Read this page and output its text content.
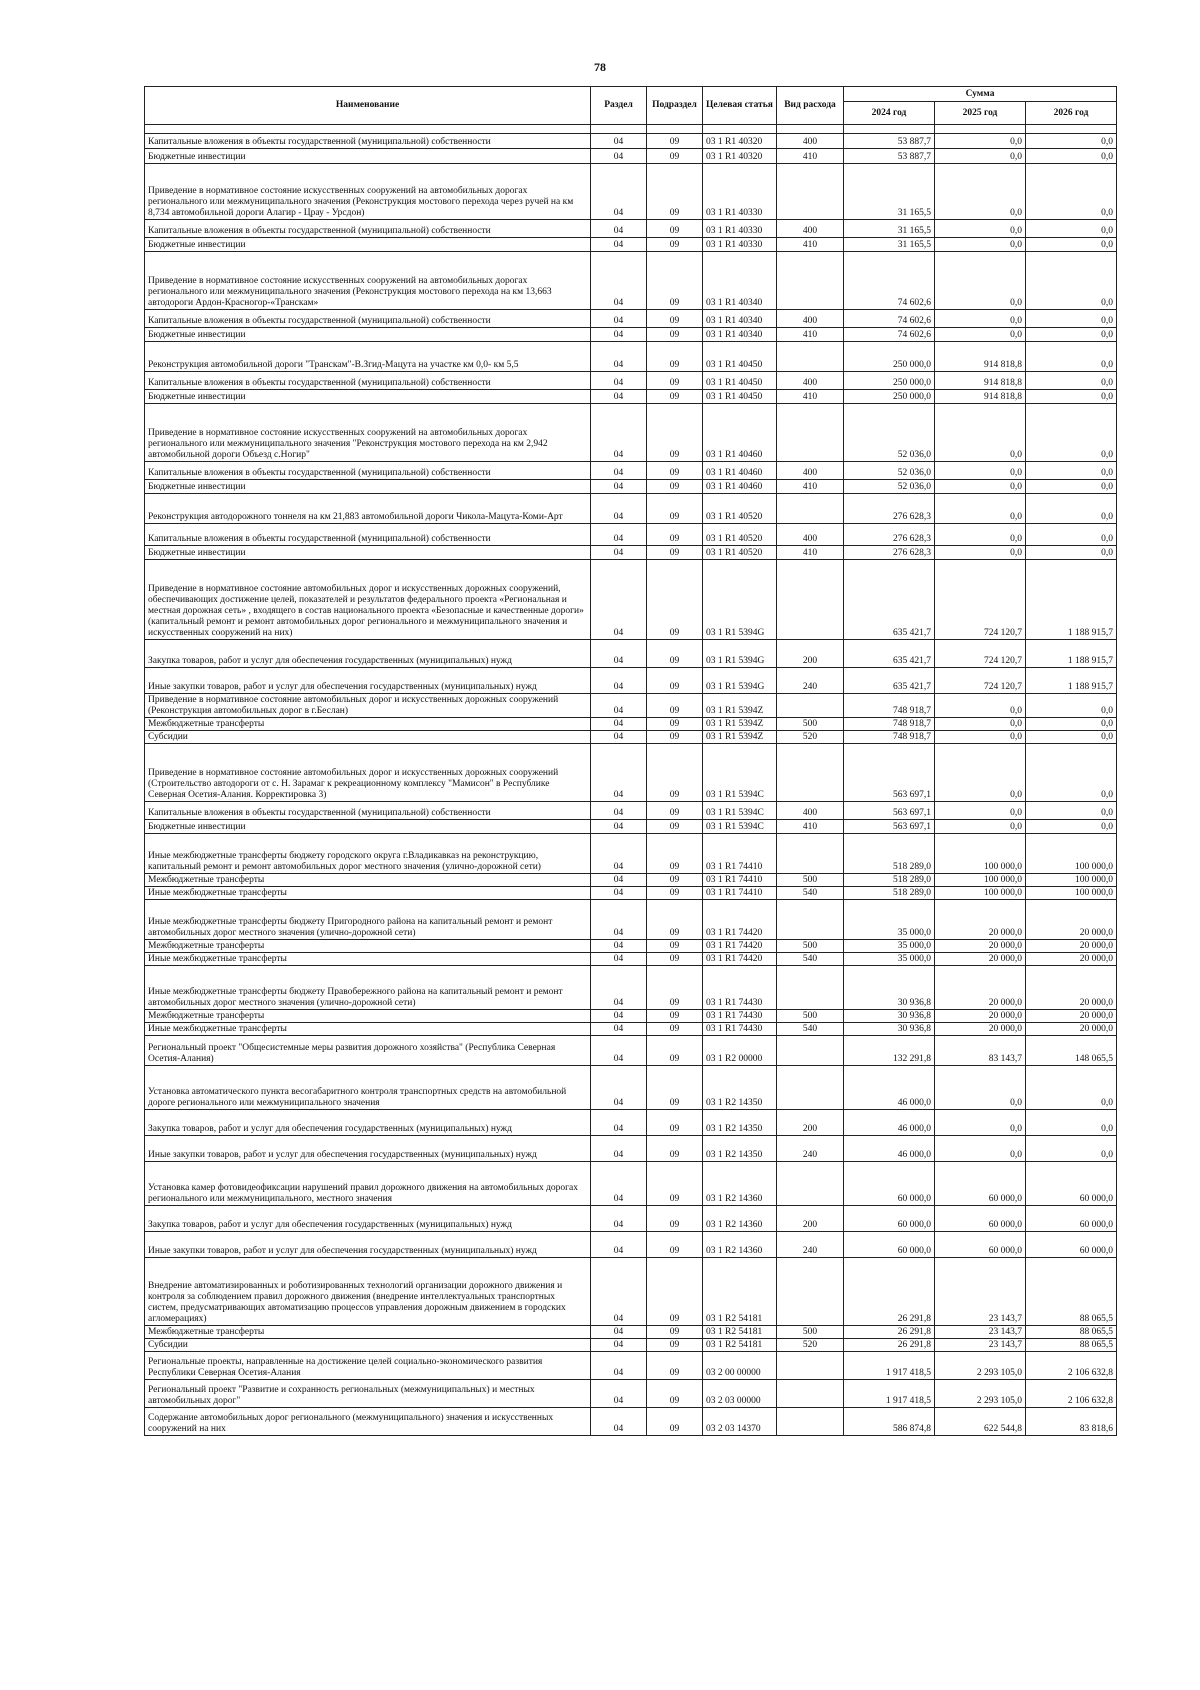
78
Наименование	Раздел	Подраздел	Целевая статья	Вид расхода	Сумма		
					2024 год	2025 год	2026 год

Капитальные вложения в объекты государственной (муниципальной) собственности	04	09	03 1 R1 40320	400	53 887,7	0,0	0,0
Бюджетные инвестиции	04	09	03 1 R1 40320	410	53 887,7	0,0	0,0
Приведение в нормативное состояние искусственных сооружений на автомобильных дорогах регионального или межмуниципального значения (Реконструкция мостового перехода через ручей на км 8,734 автомобильной дороги Алагир - Црау - Урсдон)	04	09	03 1 R1 40330		31 165,5	0,0	0,0
Капитальные вложения в объекты государственной (муниципальной) собственности	04	09	03 1 R1 40330	400	31 165,5	0,0	0,0
Бюджетные инвестиции	04	09	03 1 R1 40330	410	31 165,5	0,0	0,0
Приведение в нормативное состояние искусственных сооружений на автомобильных дорогах регионального или межмуниципального значения (Реконструкция мостового перехода на км 13,663 автодороги Ардон-Красногор-«Транскам»	04	09	03 1 R1 40340		74 602,6	0,0	0,0
Капитальные вложения в объекты государственной (муниципальной) собственности	04	09	03 1 R1 40340	400	74 602,6	0,0	0,0
Бюджетные инвестиции	04	09	03 1 R1 40340	410	74 602,6	0,0	0,0
Реконструкция автомобильной дороги "Транскам"-В.Згид-Мацута на участке км 0,0- км 5,5	04	09	03 1 R1 40450		250 000,0	914 818,8	0,0
Капитальные вложения в объекты государственной (муниципальной) собственности	04	09	03 1 R1 40450	400	250 000,0	914 818,8	0,0
Бюджетные инвестиции	04	09	03 1 R1 40450	410	250 000,0	914 818,8	0,0
Приведение в нормативное состояние искусственных сооружений на автомобильных дорогах регионального или межмуниципального значения "Реконструкция мостового перехода на км 2,942 автомобильной дороги Объезд с.Ногир"	04	09	03 1 R1 40460		52 036,0	0,0	0,0
Капитальные вложения в объекты государственной (муниципальной) собственности	04	09	03 1 R1 40460	400	52 036,0	0,0	0,0
Бюджетные инвестиции	04	09	03 1 R1 40460	410	52 036,0	0,0	0,0
Реконструкция автодорожного тоннеля на км 21,883 автомобильной дороги Чикола-Мацута-Коми-Арт	04	09	03 1 R1 40520		276 628,3	0,0	0,0
Капитальные вложения в объекты государственной (муниципальной) собственности	04	09	03 1 R1 40520	400	276 628,3	0,0	0,0
Бюджетные инвестиции	04	09	03 1 R1 40520	410	276 628,3	0,0	0,0
Приведение в нормативное состояние автомобильных дорог и искусственных дорожных сооружений, обеспечивающих достижение целей, показателей и результатов федерального проекта «Региональная и местная дорожная сеть» , входящего в состав национального проекта «Безопасные и качественные дороги» (капитальный ремонт и ремонт автомобильных дорог регионального и межмуниципального значения и искусственных сооружений на них)	04	09	03 1 R1 5394G		635 421,7	724 120,7	1 188 915,7
Закупка товаров, работ и услуг для обеспечения государственных (муниципальных) нужд	04	09	03 1 R1 5394G	200	635 421,7	724 120,7	1 188 915,7
Иные закупки товаров, работ и услуг для обеспечения государственных (муниципальных) нужд	04	09	03 1 R1 5394G	240	635 421,7	724 120,7	1 188 915,7
Приведение в нормативное состояние автомобильных дорог и искусственных дорожных сооружений (Реконструкция автомобильных дорог в г.Беслан)	04	09	03 1 R1 5394Z		748 918,7	0,0	0,0
Межбюджетные трансферты	04	09	03 1 R1 5394Z	500	748 918,7	0,0	0,0
Субсидии	04	09	03 1 R1 5394Z	520	748 918,7	0,0	0,0
Приведение в нормативное состояние автомобильных дорог и искусственных дорожных сооружений (Строительство автодороги от с. Н. Зарамаг к рекреационному комплексу "Мамисон" в Республике Северная Осетия-Алания. Корректировка 3)	04	09	03 1 R1 5394C		563 697,1	0,0	0,0
Капитальные вложения в объекты государственной (муниципальной) собственности	04	09	03 1 R1 5394C	400	563 697,1	0,0	0,0
Бюджетные инвестиции	04	09	03 1 R1 5394C	410	563 697,1	0,0	0,0
Иные межбюджетные трансферты бюджету городского округа г.Владикавказ на реконструкцию, капитальный ремонт и ремонт автомобильных дорог местного значения (улично-дорожной сети)	04	09	03 1 R1 74410		518 289,0	100 000,0	100 000,0
Межбюджетные трансферты	04	09	03 1 R1 74410	500	518 289,0	100 000,0	100 000,0
Иные межбюджетные трансферты	04	09	03 1 R1 74410	540	518 289,0	100 000,0	100 000,0
Иные межбюджетные трансферты бюджету Пригородного района на капитальный ремонт и ремонт автомобильных дорог местного значения (улично-дорожной сети)	04	09	03 1 R1 74420		35 000,0	20 000,0	20 000,0
Межбюджетные трансферты	04	09	03 1 R1 74420	500	35 000,0	20 000,0	20 000,0
Иные межбюджетные трансферты	04	09	03 1 R1 74420	540	35 000,0	20 000,0	20 000,0
Иные межбюджетные трансферты бюджету Правобережного района на капитальный ремонт и ремонт автомобильных дорог местного значения (улично-дорожной сети)	04	09	03 1 R1 74430		30 936,8	20 000,0	20 000,0
Межбюджетные трансферты	04	09	03 1 R1 74430	500	30 936,8	20 000,0	20 000,0
Иные межбюджетные трансферты	04	09	03 1 R1 74430	540	30 936,8	20 000,0	20 000,0
Региональный проект "Общесистемные меры развития дорожного хозяйства" (Республика Северная Осетия-Алания)	04	09	03 1 R2 00000		132 291,8	83 143,7	148 065,5
Установка автоматического пункта весогабаритного контроля транспортных средств на автомобильной дороге регионального или межмуниципального значения	04	09	03 1 R2 14350		46 000,0	0,0	0,0
Закупка товаров, работ и услуг для обеспечения государственных (муниципальных) нужд	04	09	03 1 R2 14350	200	46 000,0	0,0	0,0
Иные закупки товаров, работ и услуг для обеспечения государственных (муниципальных) нужд	04	09	03 1 R2 14350	240	46 000,0	0,0	0,0
Установка камер фотовидеофиксации нарушений правил дорожного движения на автомобильных дорогах регионального или межмуниципального, местного значения	04	09	03 1 R2 14360		60 000,0	60 000,0	60 000,0
Закупка товаров, работ и услуг для обеспечения государственных (муниципальных) нужд	04	09	03 1 R2 14360	200	60 000,0	60 000,0	60 000,0
Иные закупки товаров, работ и услуг для обеспечения государственных (муниципальных) нужд	04	09	03 1 R2 14360	240	60 000,0	60 000,0	60 000,0
Внедрение автоматизированных и роботизированных технологий организации дорожного движения и контроля за соблюдением правил дорожного движения (внедрение интеллектуальных транспортных систем, предусматривающих автоматизацию процессов управления дорожным движением в городских агломерациях)	04	09	03 1 R2 54181		26 291,8	23 143,7	88 065,5
Межбюджетные трансферты	04	09	03 1 R2 54181	500	26 291,8	23 143,7	88 065,5
Субсидии	04	09	03 1 R2 54181	520	26 291,8	23 143,7	88 065,5
Региональные проекты, направленные на достижение целей социально-экономического развития Республики Северная Осетия-Алания	04	09	03 2 00 00000		1 917 418,5	2 293 105,0	2 106 632,8
Региональный проект "Развитие и сохранность региональных (межмуниципальных) и местных автомобильных дорог"	04	09	03 2 03 00000		1 917 418,5	2 293 105,0	2 106 632,8
Содержание автомобильных дорог регионального (межмуниципального) значения и искусственных сооружений на них	04	09	03 2 03 14370		586 874,8	622 544,8	83 818,6
